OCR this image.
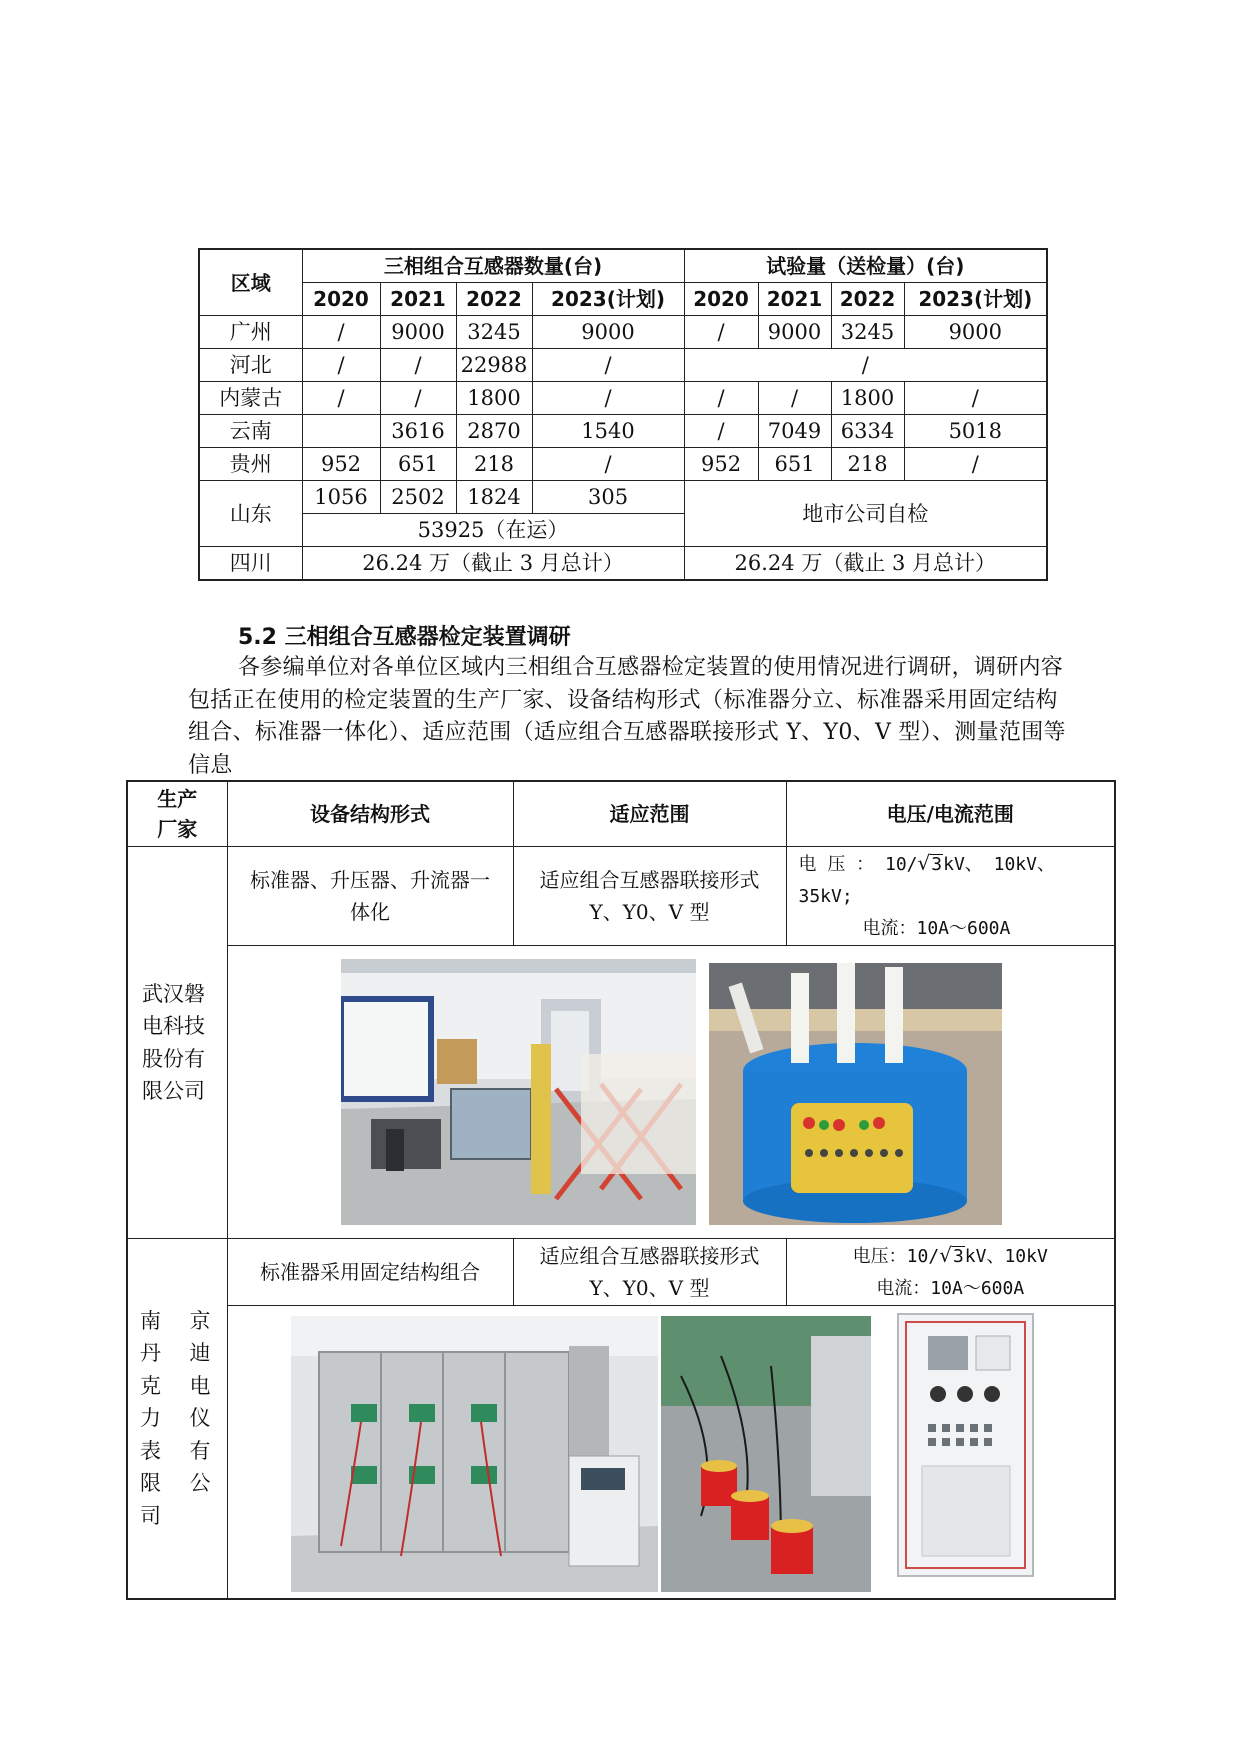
区域	三相组合互感器数量(台)				试验量（送检量）(台)			
	2020	2021	2022	2023(计划)	2020	2021	2022	2023(计划)
广州	/	9000	3245	9000	/	9000	3245	9000
河北	/	/	22988	/	/			
内蒙古	/	/	1800	/	/	/	1800	/
云南		3616	2870	1540	/	7049	6334	5018
贵州	952	651	218	/	952	651	218	/
山东	1056	2502	1824	305	地市公司自检			
	53925（在运）							
四川	26.24 万（截止 3 月总计）				26.24 万（截止 3 月总计）			
5.2 三相组合互感器检定装置调研

各参编单位对各单位区域内三相组合互感器检定装置的使用情况进行调研，调研内容包括正在使用的检定装置的生产厂家、设备结构形式（标准器分立、标准器采用固定结构组合、标准器一体化）、适应范围（适应组合互感器联接形式 Y、Y0、V 型）、测量范围等信息

生产厂家	设备结构形式	适应范围	电压/电流范围
武汉磐电科技股份有限公司	标准器、升压器、升流器一体化	适应组合互感器联接形式 Y、Y0、V 型	电 压 ： 10/√3kV、 10kV、35kV;
电流：10A～600A

南京丹迪克电力仪表有限公司	标准器采用固定结构组合	适应组合互感器联接形式 Y、Y0、V 型	电压：10/√3kV、10kV
电流：10A～600A
